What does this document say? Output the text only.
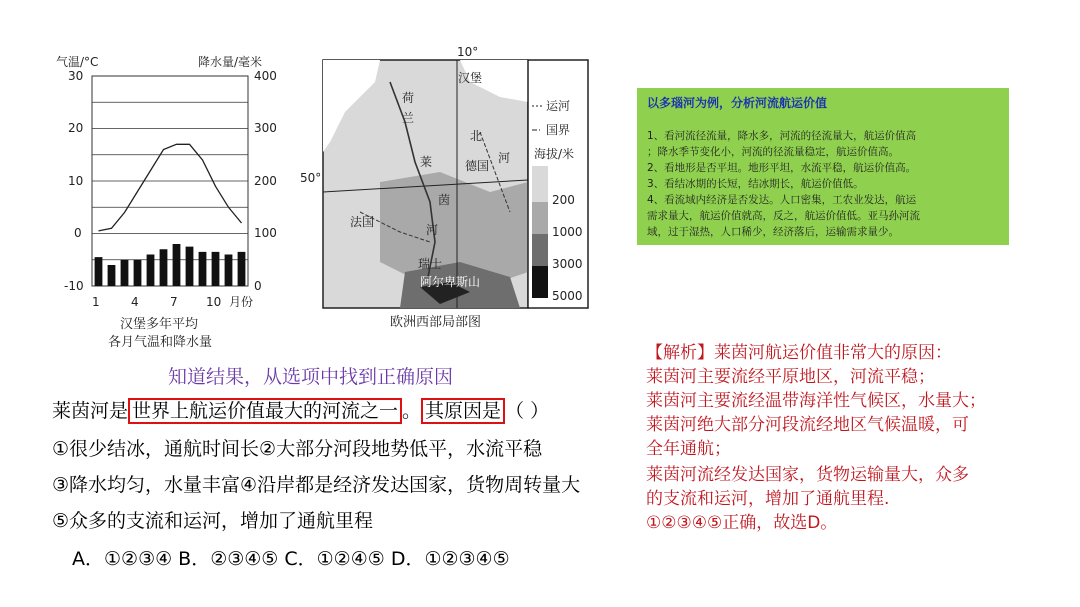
气温/°C	降水量/毫米
30
20
10
0
-10
400
300
200
100
0
1	4	7 10 月份
汉堡多年平均
各月气温和降水量
10°
50°
汉堡
荷
兰
北
河
莱	德国
茵
法国
河
瑞士
阿尔卑斯山
运河
国界
海拔/米
200
1000
3000
5000
欧洲西部局部图
以多瑙河为例，分析河流航运价值
1、看河流径流量，降水多，河流的径流量大，航运价值高
；降水季节变化小，河流的径流量稳定，航运价值高。
2、看地形是否平坦。地形平坦，水流平稳，航运价值高。
3、看结冰期的长短，结冰期长，航运价值低。
4、看流域内经济是否发达。人口密集，工农业发达，航运
需求量大，航运价值就高，反之，航运价值低。亚马孙河流
域，过于湿热，人口稀少，经济落后，运输需求量少。
知道结果，从选项中找到正确原因
莱茵河是 世界上航运价值最大的河流之一 。 其原因是 （ ）
①很少结冰，通航时间长②大部分河段地势低平，水流平稳
③降水均匀，水量丰富④沿岸都是经济发达国家，货物周转量大
⑤众多的支流和运河，增加了通航里程
A．①②③④ B．②③④⑤ C．①②④⑤ D．①②③④⑤
【解析】莱茵河航运价值非常大的原因：
莱茵河主要流经平原地区，河流平稳；
莱茵河主要流经温带海洋性气候区，水量大；
莱茵河绝大部分河段流经地区气候温暖，可
全年通航；
莱茵河流经发达国家，货物运输量大，众多
的支流和运河，增加了通航里程.
①②③④⑤正确，故选D。
